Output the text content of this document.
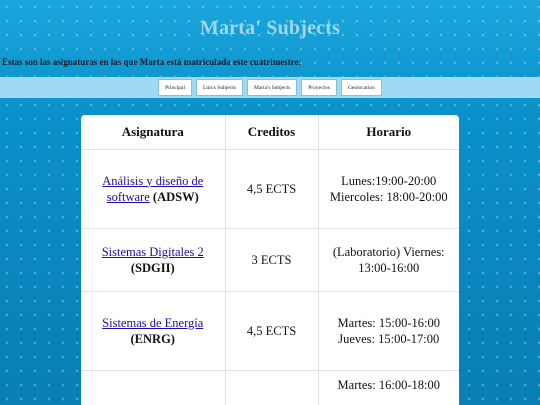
Marta' Subjects
Estas son las asignaturas en las que Marta está matriculada este cuatrimestre:
Principal	Luis's Subjects	Marta's Subjects	Proyectos	Geolocation
Asignatura	Creditos	Horario
Análisis y diseño de software (ADSW)	4,5 ECTS	Lunes:19:00-20:00
Miercoles: 18:00-20:00

Sistemas Digitales 2 (SDGII)	3 ECTS	(Laboratorio) Viernes: 13:00-16:00

Sistemas de Energía (ENRG)	4,5 ECTS	Martes: 15:00-16:00
Jueves: 15:00-17:00

		Martes: 16:00-18:00
